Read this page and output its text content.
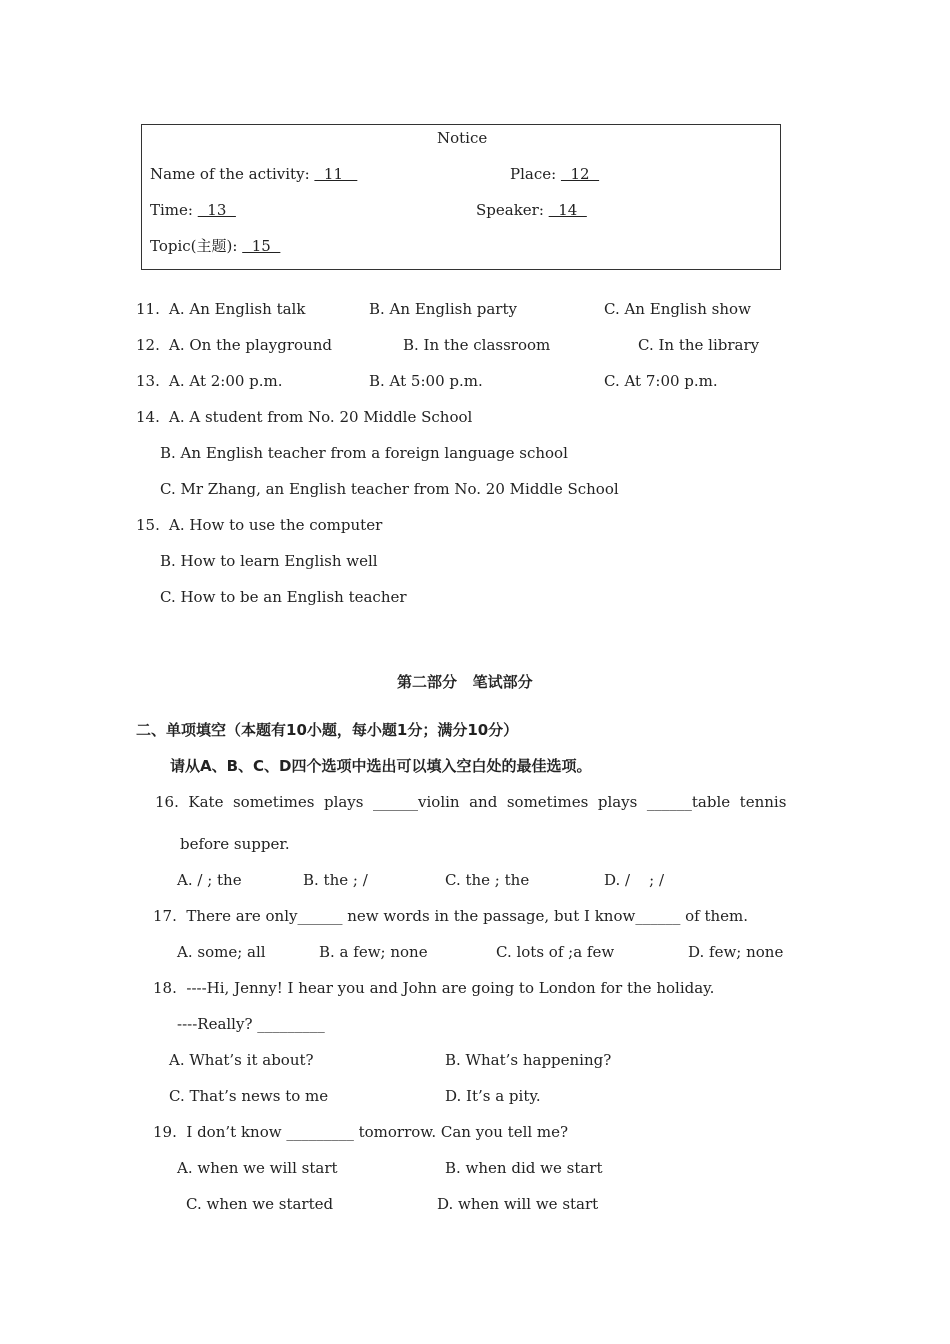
Notice
Name of the activity:   11	Place:   12
Time:   13	Speaker:   14
Topic(主题):   15
11. A. An English talk	B. An English party	C. An English show
12. A. On the playground	B. In the classroom	C. In the library
13. A. At 2:00 p.m.	B. At 5:00 p.m.	C. At 7:00 p.m.
14. A. A student from No. 20 Middle School
B. An English teacher from a foreign language school
C. Mr Zhang, an English teacher from No. 20 Middle School
15. A. How to use the computer
B. How to learn English well
C. How to be an English teacher
第二部分   笔试部分
二、单项填空（本题有10小题，每小题1分；满分10分）
请从A、B、C、D四个选项中选出可以填入空白处的最佳选项。
16.  Kate  sometimes  plays  ______violin  and  sometimes  plays  ______table  tennis
before supper.
A. / ; the	B. the ; /	C. the ; the	D. /    ; /
17.  There are only______ new words in the passage, but I know______ of them.
A. some; all	B. a few; none	C. lots of ;a few	D. few; none
18.  ----Hi, Jenny! I hear you and John are going to London for the holiday.
----Really? _________
A. What’s it about?	B. What’s happening?
C. That’s news to me	D. It’s a pity.
19.  I don’t know _________ tomorrow. Can you tell me?
A. when we will start	B. when did we start
C. when we started	D. when will we start
